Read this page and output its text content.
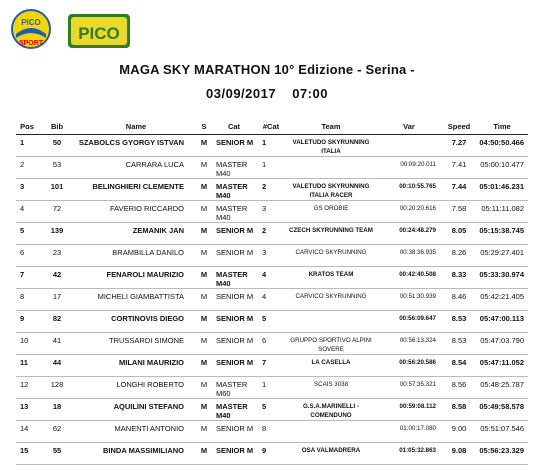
PICO
SPORT
PICO
MAGA SKY MARATHON 10° Edizione - Serina -
03/09/2017 07:00
Pos	Bib	Name	S	Cat	#Cat	Team	Var	Speed	Time
1	50	SZABOLCS GYORGY ISTVAN	M	SENIOR M	1	VALETUDO SKYRUNNING ITALIA		7.27	04:50:50.466
2	53	CARRARA LUCA	M	MASTER M40	1		00:09:20.011	7.41	05:00:10.477
3	101	BELINGHIERI CLEMENTE	M	MASTER M40	2	VALETUDO SKYRUNNING ITALIA RACER	00:10:55.765	7.44	05:01:46.231
4	72	FAVERIO RICCARDO	M	MASTER M40	3	GS OROBIE	00:20:20.616	7.58	05:11:11.082
5	139	ZEMANIK JAN	M	SENIOR M	2	CZECH SKYRUNNING TEAM	00:24:48.279	8.05	05:15:38.745
6	23	BRAMBILLA DANILO	M	SENIOR M	3	CARVICO SKYRUNNING	00:38:36.935	8.26	05:29:27.401
7	42	FENAROLI MAURIZIO	M	MASTER M40	4	KRATOS TEAM	00:42:40.508	8.33	05:33:30.974
8	17	MICHELI GIAMBATTISTA	M	SENIOR M	4	CARVICO SKYRUNNING	00:51:30.939	8.46	05:42:21.405
9	82	CORTINOVIS DIEGO	M	SENIOR M	5		00:56:09.647	8.53	05:47:00.113
10	41	TRUSSARDI SIMONE	M	SENIOR M	6	GRUPPO SPORTIVO ALPINI SOVERE	00:56:13.324	8.53	05:47:03.790
11	44	MILANI MAURIZIO	M	SENIOR M	7	LA CASELLA	00:56:20.586	8.54	05:47:11.052
12	128	LONGHI ROBERTO	M	MASTER M60	1	SCAIS 3038	00:57:35.321	8.56	05:48:25.787
13	18	AQUILINI STEFANO	M	MASTER M40	5	G.S.A.MARINELLI - COMENDUNO	00:59:08.112	8.58	05:49:58.578
14	62	MANENTI ANTONIO	M	SENIOR M	8		01:00:17.080	9.00	05:51:07.546
15	55	BINDA MASSIMILIANO	M	SENIOR M	9	OSA VALMADRERA	01:05:32.863	9.08	05:56:23.329
